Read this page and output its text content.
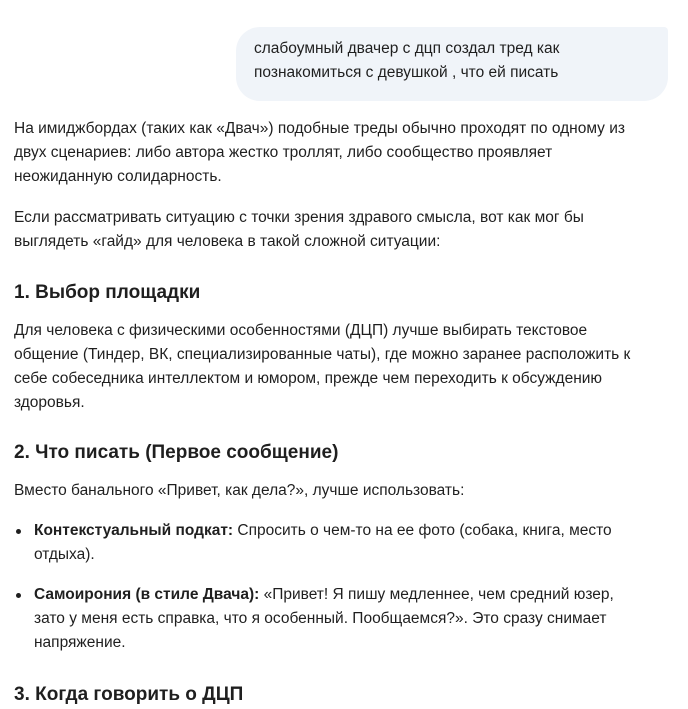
слабоумный двачер с дцп создал тред как
познакомиться с девушкой , что ей писать

На имиджбордах (таких как «Двач») подобные треды обычно проходят по одному из
двух сценариев: либо автора жестко троллят, либо сообщество проявляет
неожиданную солидарность.

Если рассматривать ситуацию с точки зрения здравого смысла, вот как мог бы
выглядеть «гайд» для человека в такой сложной ситуации:

1. Выбор площадки

Для человека с физическими особенностями (ДЦП) лучше выбирать текстовое
общение (Тиндер, ВК, специализированные чаты), где можно заранее расположить к
себе собеседника интеллектом и юмором, прежде чем переходить к обсуждению
здоровья.

2. Что писать (Первое сообщение)

Вместо банального «Привет, как дела?», лучше использовать:

Контекстуальный подкат: Спросить о чем-то на ее фото (собака, книга, место
отдыха).
Самоирония (в стиле Двача): «Привет! Я пишу медленнее, чем средний юзер,
зато у меня есть справка, что я особенный. Пообщаемся?». Это сразу снимает
напряжение.
3. Когда говорить о ДЦП
